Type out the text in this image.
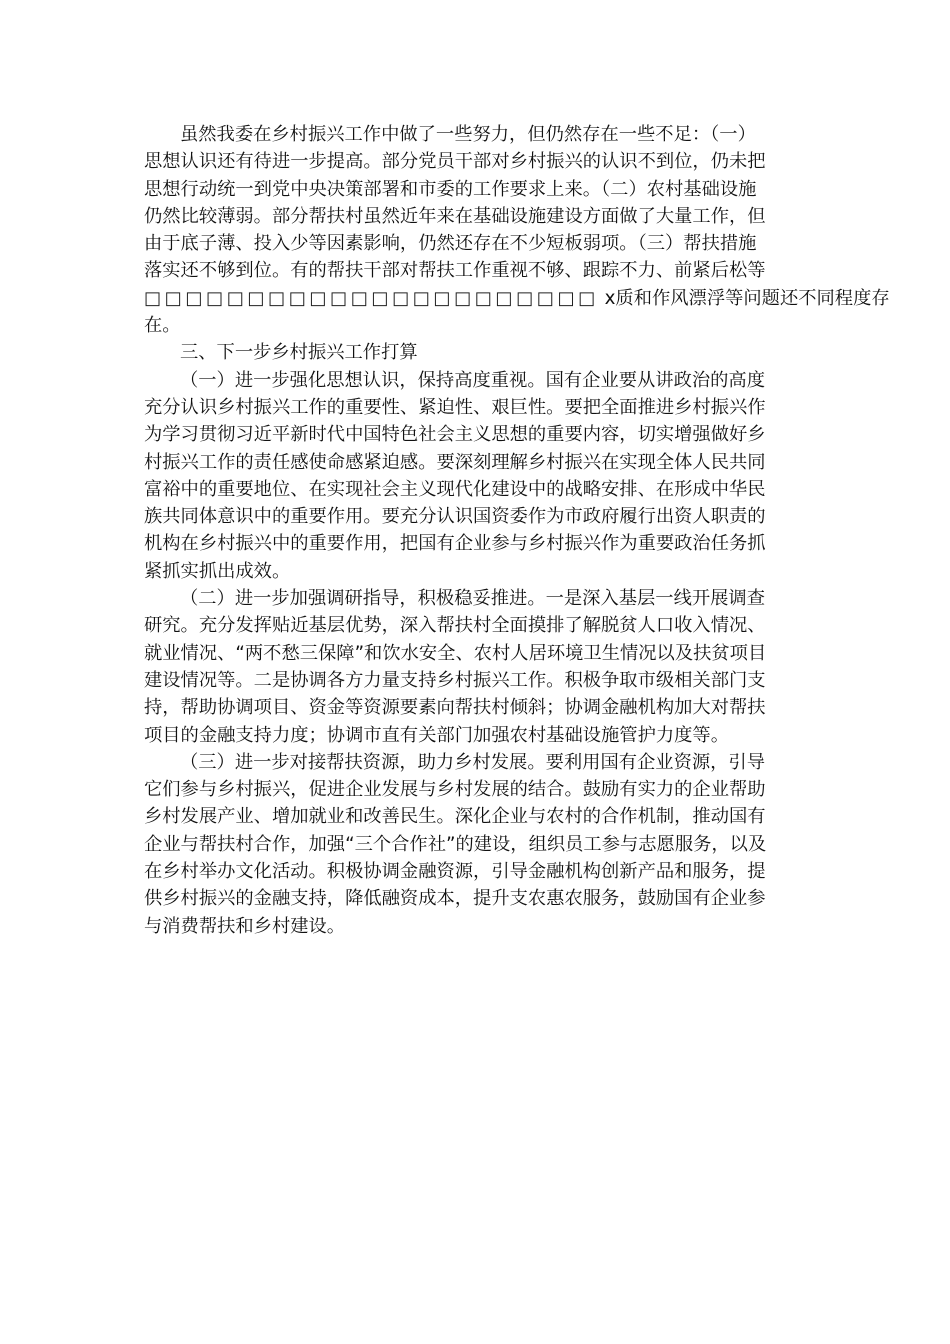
虽然我委在乡村振兴工作中做了一些努力，但仍然存在一些不足：（一）
思想认识还有待进一步提高。部分党员干部对乡村振兴的认识不到位，仍未把
思想行动统一到党中央决策部署和市委的工作要求上来。（二）农村基础设施
仍然比较薄弱。部分帮扶村虽然近年来在基础设施建设方面做了大量工作，但
由于底子薄、投入少等因素影响，仍然还存在不少短板弱项。（三）帮扶措施
落实还不够到位。有的帮扶干部对帮扶工作重视不够、跟踪不力、前紧后松等
□□□□□□□□□□□□□□□□□□□□□□ x质和作风漂浮等问题还不同程度存
在。
三、下一步乡村振兴工作打算
（一）进一步强化思想认识，保持高度重视。国有企业要从讲政治的高度
充分认识乡村振兴工作的重要性、紧迫性、艰巨性。要把全面推进乡村振兴作
为学习贯彻习近平新时代中国特色社会主义思想的重要内容，切实增强做好乡
村振兴工作的责任感使命感紧迫感。要深刻理解乡村振兴在实现全体人民共同
富裕中的重要地位、在实现社会主义现代化建设中的战略安排、在形成中华民
族共同体意识中的重要作用。要充分认识国资委作为市政府履行出资人职责的
机构在乡村振兴中的重要作用，把国有企业参与乡村振兴作为重要政治任务抓
紧抓实抓出成效。
（二）进一步加强调研指导，积极稳妥推进。一是深入基层一线开展调查
研究。充分发挥贴近基层优势，深入帮扶村全面摸排了解脱贫人口收入情况、
就业情况、“两不愁三保障”和饮水安全、农村人居环境卫生情况以及扶贫项目
建设情况等。二是协调各方力量支持乡村振兴工作。积极争取市级相关部门支
持，帮助协调项目、资金等资源要素向帮扶村倾斜；协调金融机构加大对帮扶
项目的金融支持力度；协调市直有关部门加强农村基础设施管护力度等。
（三）进一步对接帮扶资源，助力乡村发展。要利用国有企业资源，引导
它们参与乡村振兴，促进企业发展与乡村发展的结合。鼓励有实力的企业帮助
乡村发展产业、增加就业和改善民生。深化企业与农村的合作机制，推动国有
企业与帮扶村合作，加强“三个合作社”的建设，组织员工参与志愿服务，以及
在乡村举办文化活动。积极协调金融资源，引导金融机构创新产品和服务，提
供乡村振兴的金融支持，降低融资成本，提升支农惠农服务，鼓励国有企业参
与消费帮扶和乡村建设。
